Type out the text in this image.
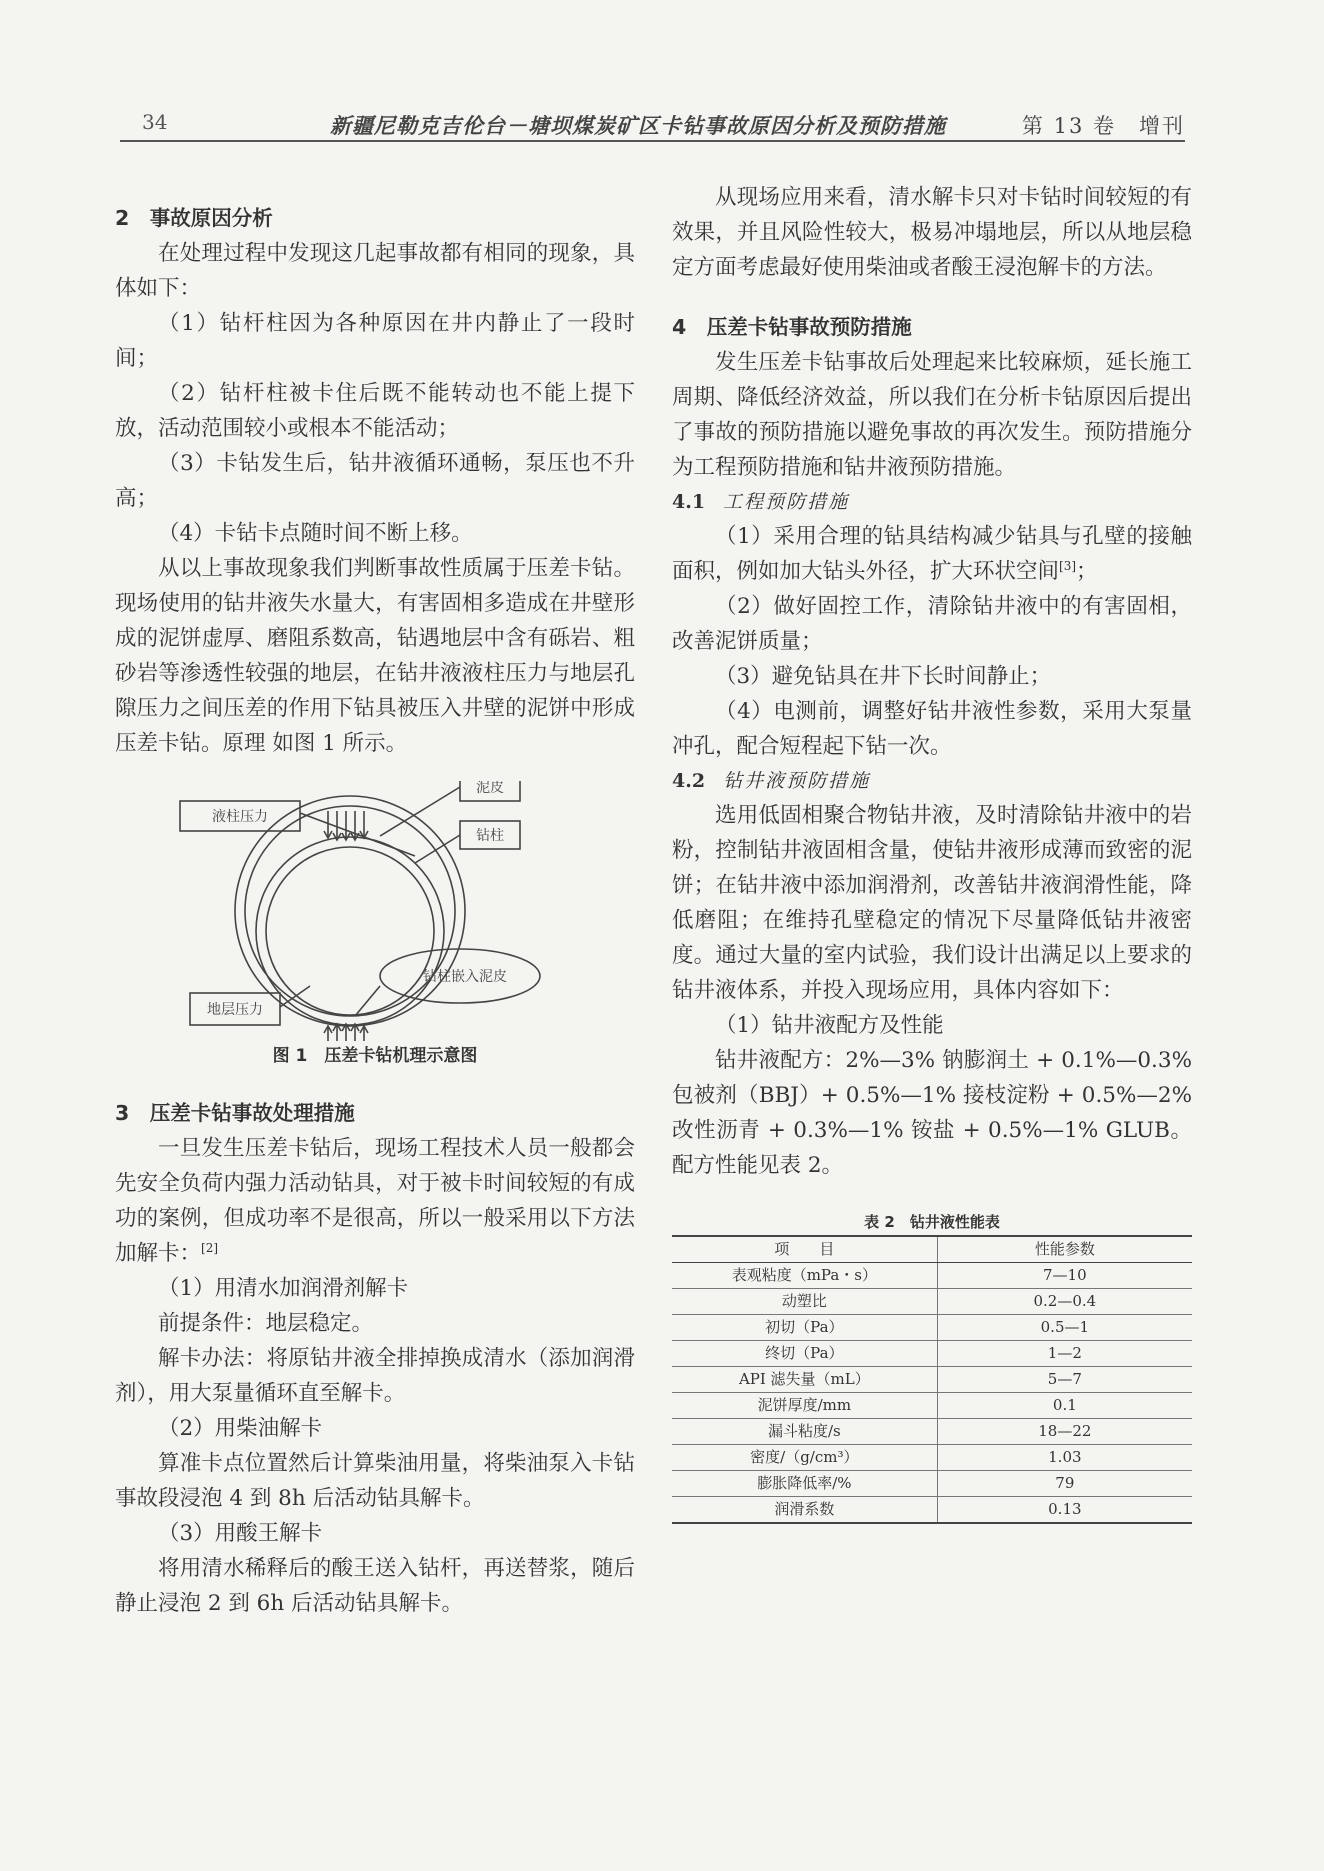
34	新疆尼勒克吉伦台－塘坝煤炭矿区卡钻事故原因分析及预防措施	第 13 卷　增刊
2　事故原因分析

在处理过程中发现这几起事故都有相同的现象，具体如下：

（1）钻杆柱因为各种原因在井内静止了一段时间；

（2）钻杆柱被卡住后既不能转动也不能上提下放，活动范围较小或根本不能活动；

（3）卡钻发生后，钻井液循环通畅，泵压也不升高；

（4）卡钻卡点随时间不断上移。

从以上事故现象我们判断事故性质属于压差卡钻。现场使用的钻井液失水量大，有害固相多造成在井壁形成的泥饼虚厚、磨阻系数高，钻遇地层中含有砾岩、粗砂岩等渗透性较强的地层，在钻井液液柱压力与地层孔隙压力之间压差的作用下钻具被压入井壁的泥饼中形成压差卡钻。原理 如图 1 所示。

液柱压力
泥皮
钻柱
地层压力
钻柱嵌入泥皮
图 1　压差卡钻机理示意图
3　压差卡钻事故处理措施

一旦发生压差卡钻后，现场工程技术人员一般都会先安全负荷内强力活动钻具，对于被卡时间较短的有成功的案例，但成功率不是很高，所以一般采用以下方法加解卡：[2]

（1）用清水加润滑剂解卡

前提条件：地层稳定。

解卡办法：将原钻井液全排掉换成清水（添加润滑剂），用大泵量循环直至解卡。

（2）用柴油解卡

算准卡点位置然后计算柴油用量，将柴油泵入卡钻事故段浸泡 4 到 8h 后活动钻具解卡。

（3）用酸王解卡

将用清水稀释后的酸王送入钻杆，再送替浆，随后静止浸泡 2 到 6h 后活动钻具解卡。

从现场应用来看，清水解卡只对卡钻时间较短的有效果，并且风险性较大，极易冲塌地层，所以从地层稳定方面考虑最好使用柴油或者酸王浸泡解卡的方法。

4　压差卡钻事故预防措施

发生压差卡钻事故后处理起来比较麻烦，延长施工周期、降低经济效益，所以我们在分析卡钻原因后提出了事故的预防措施以避免事故的再次发生。预防措施分为工程预防措施和钻井液预防措施。

4.1 工程预防措施

（1）采用合理的钻具结构减少钻具与孔壁的接触面积，例如加大钻头外径，扩大环状空间[3]；

（2）做好固控工作，清除钻井液中的有害固相，改善泥饼质量；

（3）避免钻具在井下长时间静止；

（4）电测前，调整好钻井液性参数，采用大泵量冲孔，配合短程起下钻一次。

4.2 钻井液预防措施

选用低固相聚合物钻井液，及时清除钻井液中的岩粉，控制钻井液固相含量，使钻井液形成薄而致密的泥饼；在钻井液中添加润滑剂，改善钻井液润滑性能，降低磨阻；在维持孔壁稳定的情况下尽量降低钻井液密度。通过大量的室内试验，我们设计出满足以上要求的钻井液体系，并投入现场应用，具体内容如下：

（1）钻井液配方及性能

钻井液配方：2%—3% 钠膨润土 + 0.1%—0.3% 包被剂（BBJ）+ 0.5%—1% 接枝淀粉 + 0.5%—2% 改性沥青 + 0.3%—1% 铵盐 + 0.5%—1% GLUB。配方性能见表 2。

表 2　钻井液性能表
项　　目	性能参数
表观粘度（mPa・s）	7—10
动塑比	0.2—0.4
初切（Pa）	0.5—1
终切（Pa）	1—2
API 滤失量（mL）	5—7
泥饼厚度/mm	0.1
漏斗粘度/s	18—22
密度/（g/cm³）	1.03
膨胀降低率/%	79
润滑系数	0.13
